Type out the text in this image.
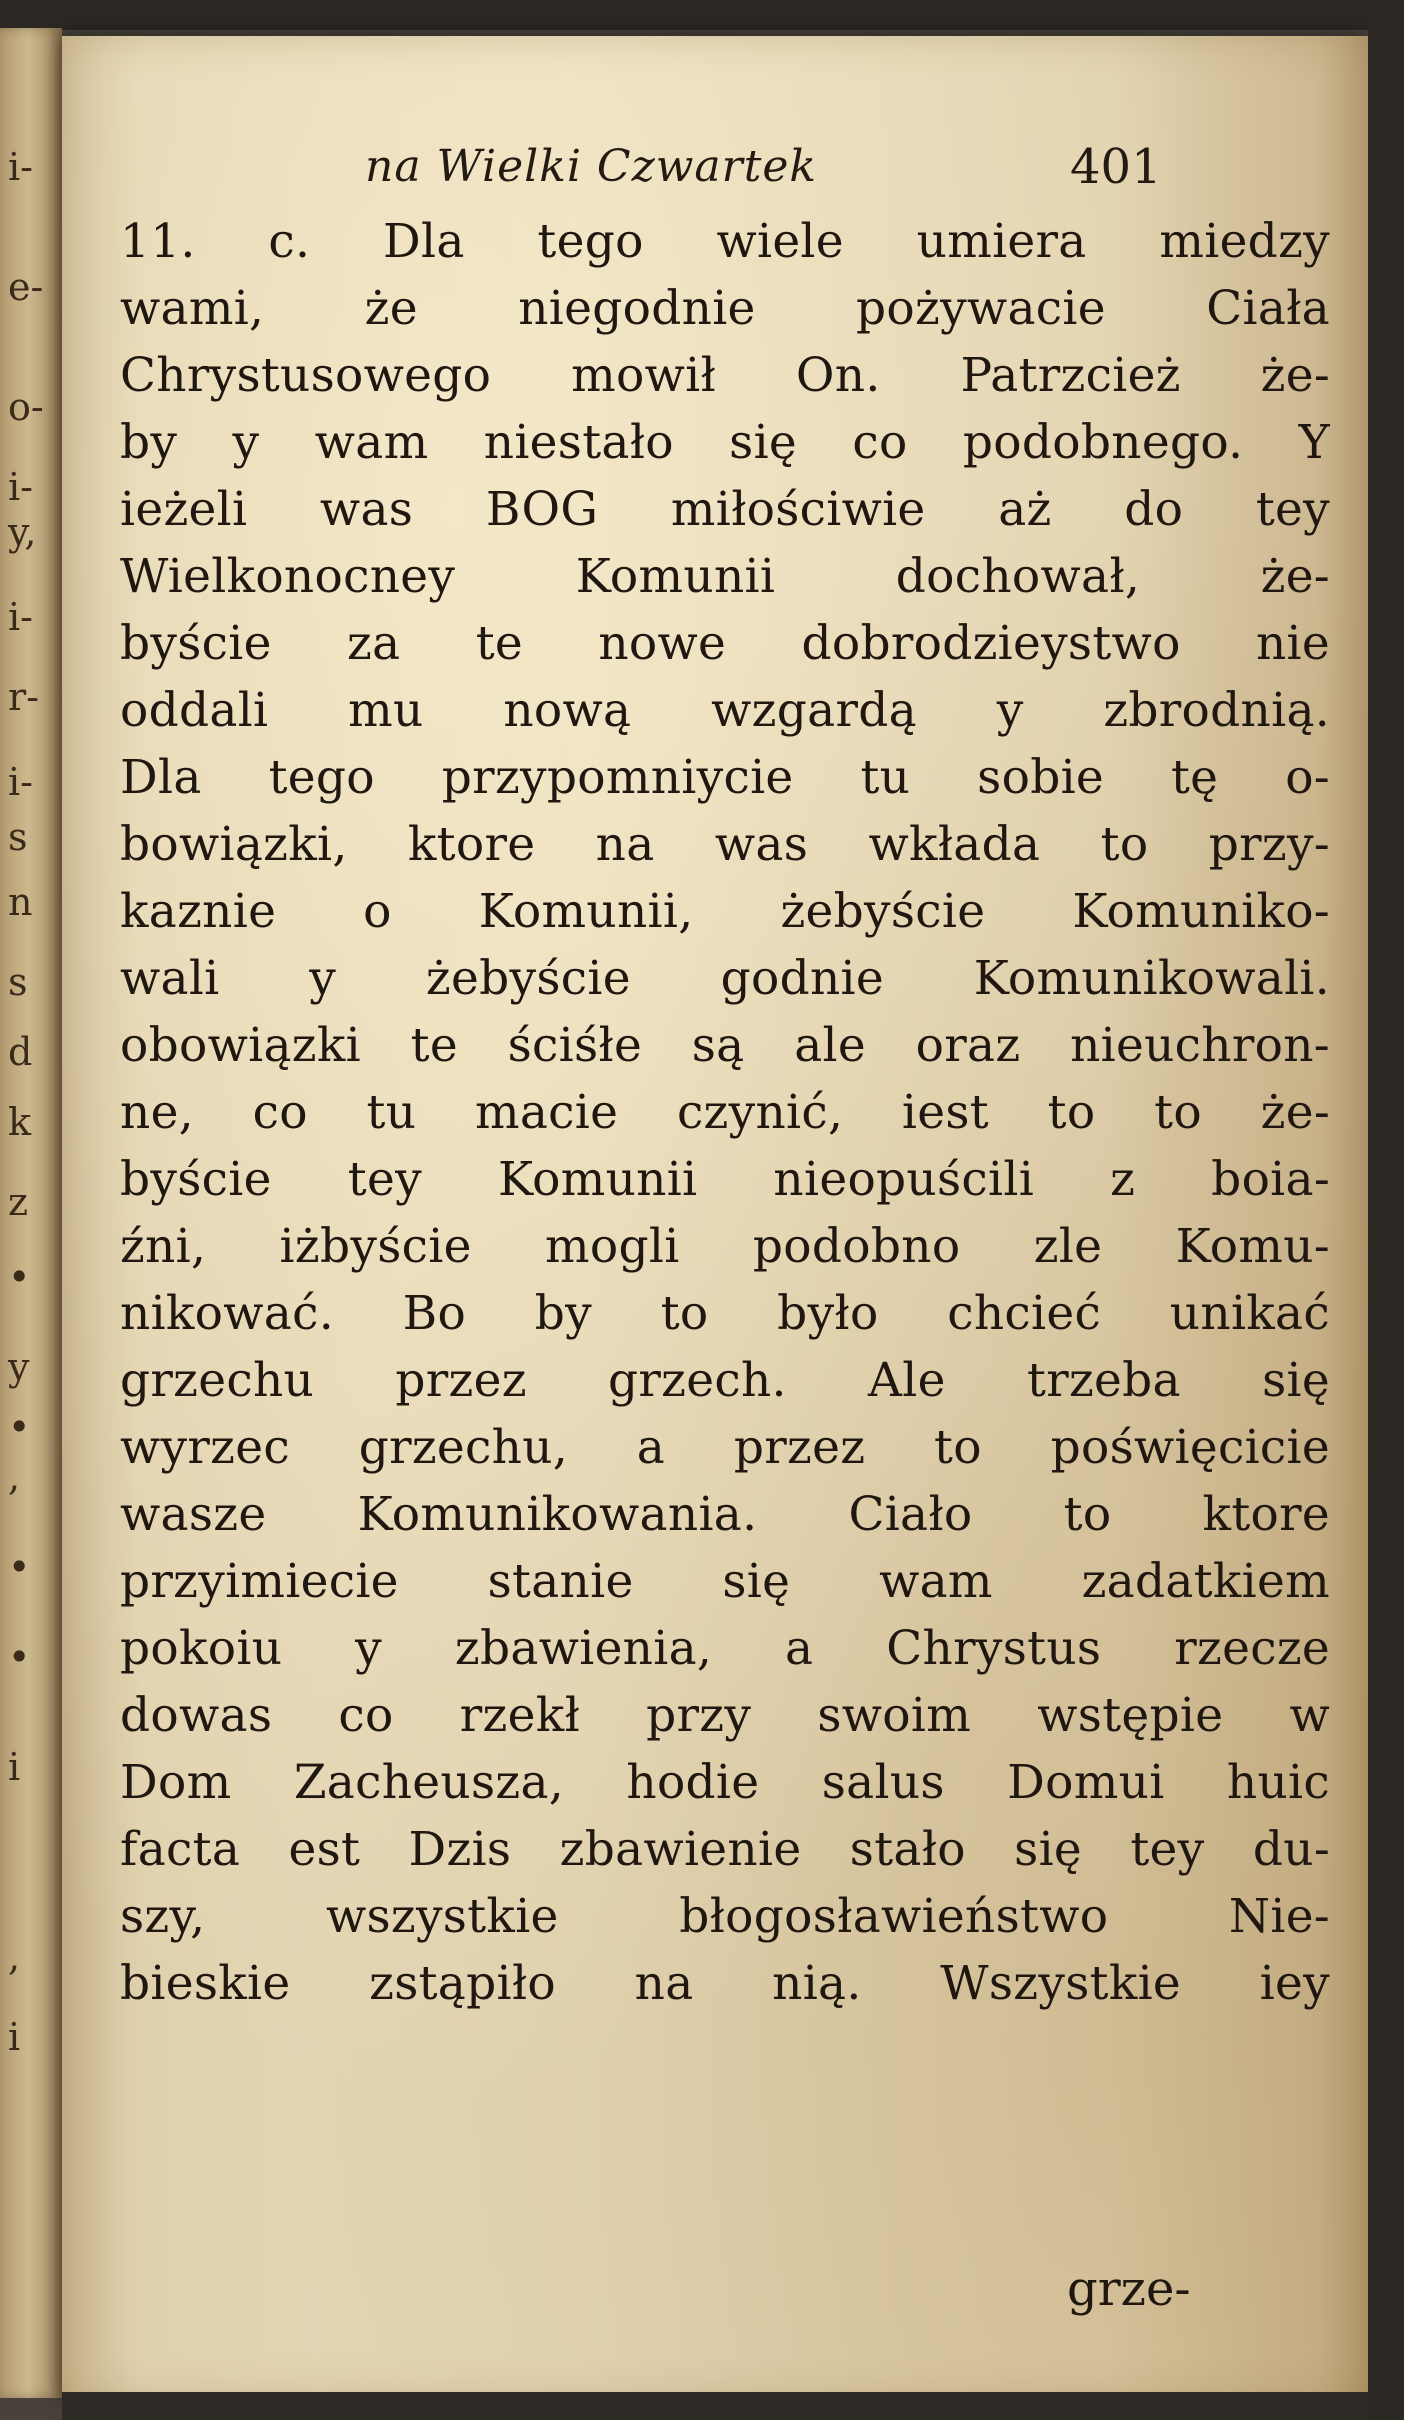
i-
e-
o-
i-
y,
i-
r-
i-
s
n
s
d
k
z
•
y
•
,
•
•
i
,
i
na Wielki Czwartek	401
11. c. Dla tego wiele umiera miedzy
wami, że niegodnie pożywacie Ciała
Chrystusowego mowił On. Patrzcież że-
by y wam niestało się co podobnego. Y
ieżeli was BOG miłościwie aż do tey
Wielkonocney Komunii dochował, że-
byście za te nowe dobrodzieystwo nie
oddali mu nową wzgardą y zbrodnią.
Dla tego przypomniycie tu sobie tę o-
bowiązki, ktore na was wkłada to przy-
kaznie o Komunii, żebyście Komuniko-
wali y żebyście godnie Komunikowali.
obowiązki te ściśłe są ale oraz nieuchron-
ne, co tu macie czynić, iest to to że-
byście tey Komunii nieopuścili z boia-
źni, iżbyście mogli podobno zle Komu-
nikować. Bo by to było chcieć unikać
grzechu przez grzech. Ale trzeba się
wyrzec grzechu, a przez to poświęcicie
wasze Komunikowania. Ciało to ktore
przyimiecie stanie się wam zadatkiem
pokoiu y zbawienia, a Chrystus rzecze
dowas co rzekł przy swoim wstępie w
Dom Zacheusza, hodie salus Domui huic
facta est Dzis zbawienie stało się tey du-
szy, wszystkie błogosławieństwo Nie-
bieskie zstąpiło na nią. Wszystkie iey
grze-
